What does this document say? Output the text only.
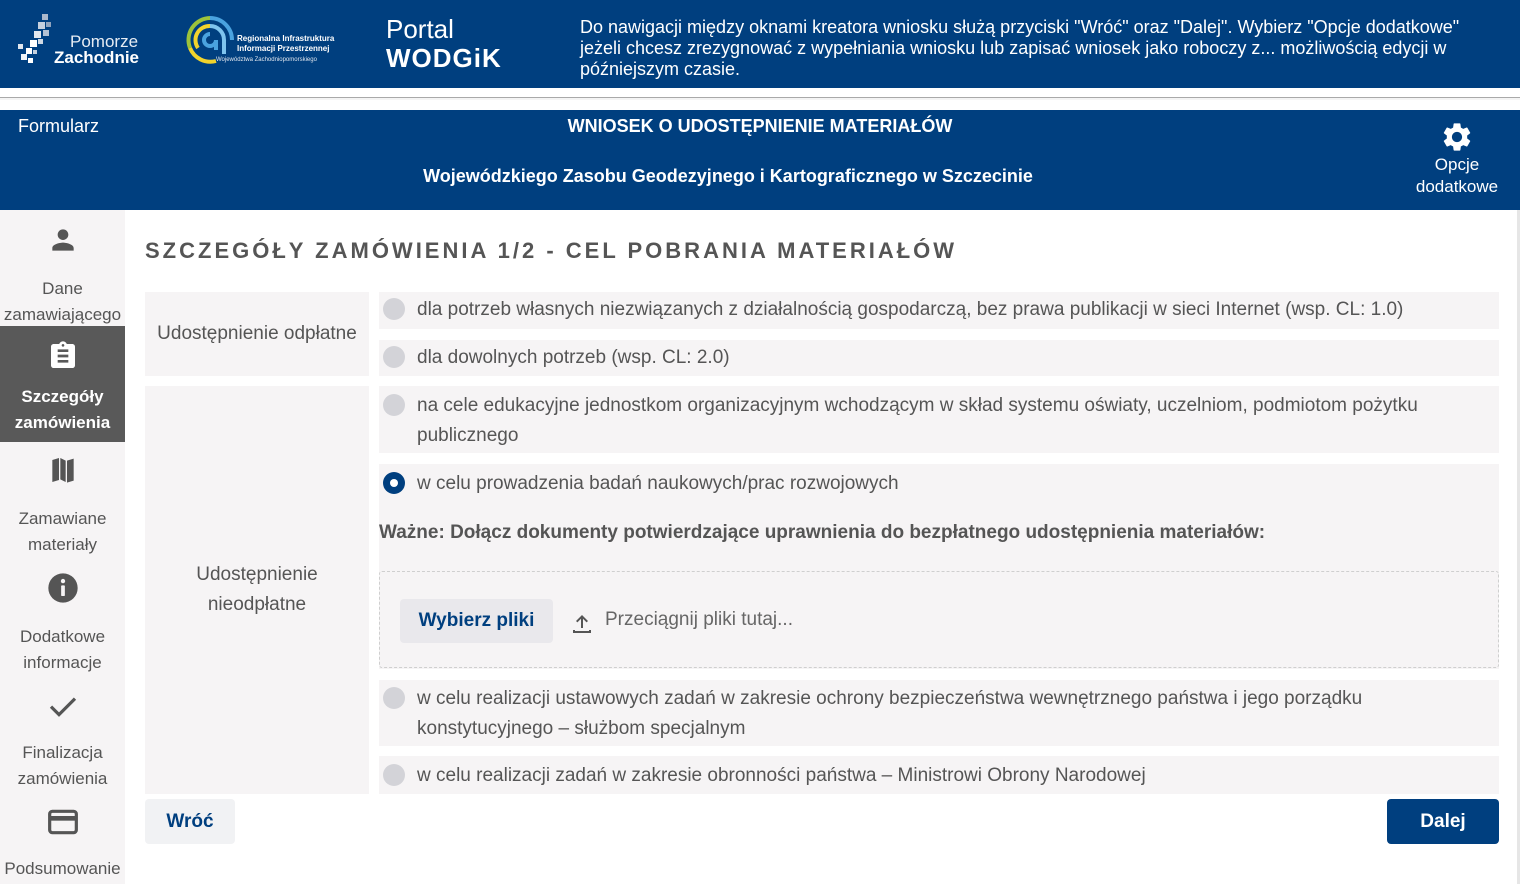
Pomorze
Zachodnie
Regionalna Infrastruktura
Informacji Przestrzennej
Województwa Zachodniopomorskiego
Portal
WODGiK
Do nawigacji między oknami kreatora wniosku służą przyciski "Wróć" oraz "Dalej". Wybierz "Opcje dodatkowe" jeżeli chcesz zrezygnować z wypełniania wniosku lub zapisać wniosek jako roboczy z... możliwością edycji w późniejszym czasie.
Formularz	WNIOSEK O UDOSTĘPNIENIE MATERIAŁÓW
Wojewódzkiego Zasobu Geodezyjnego i Kartograficznego w Szczecinie
Opcje
dodatkowe
Dane
zamawiającego
Szczegóły
zamówienia
Zamawiane
materiały
Dodatkowe
informacje
Finalizacja
zamówienia
Podsumowanie
SZCZEGÓŁY ZAMÓWIENIA 1/2 - CEL POBRANIA MATERIAŁÓW
Udostępnienie odpłatne
dla potrzeb własnych niezwiązanych z działalnością gospodarczą, bez prawa publikacji w sieci Internet (wsp. CL: 1.0)
dla dowolnych potrzeb (wsp. CL: 2.0)
Udostępnienie
nieodpłatne
na cele edukacyjne jednostkom organizacyjnym wchodzącym w skład systemu oświaty, uczelniom, podmiotom pożytku
publicznego
w celu prowadzenia badań naukowych/prac rozwojowych
Ważne: Dołącz dokumenty potwierdzające uprawnienia do bezpłatnego udostępnienia materiałów:
Wybierz pliki	Przeciągnij pliki tutaj...
w celu realizacji ustawowych zadań w zakresie ochrony bezpieczeństwa wewnętrznego państwa i jego porządku
konstytucyjnego – służbom specjalnym
w celu realizacji zadań w zakresie obronności państwa – Ministrowi Obrony Narodowej
Wróć	Dalej
